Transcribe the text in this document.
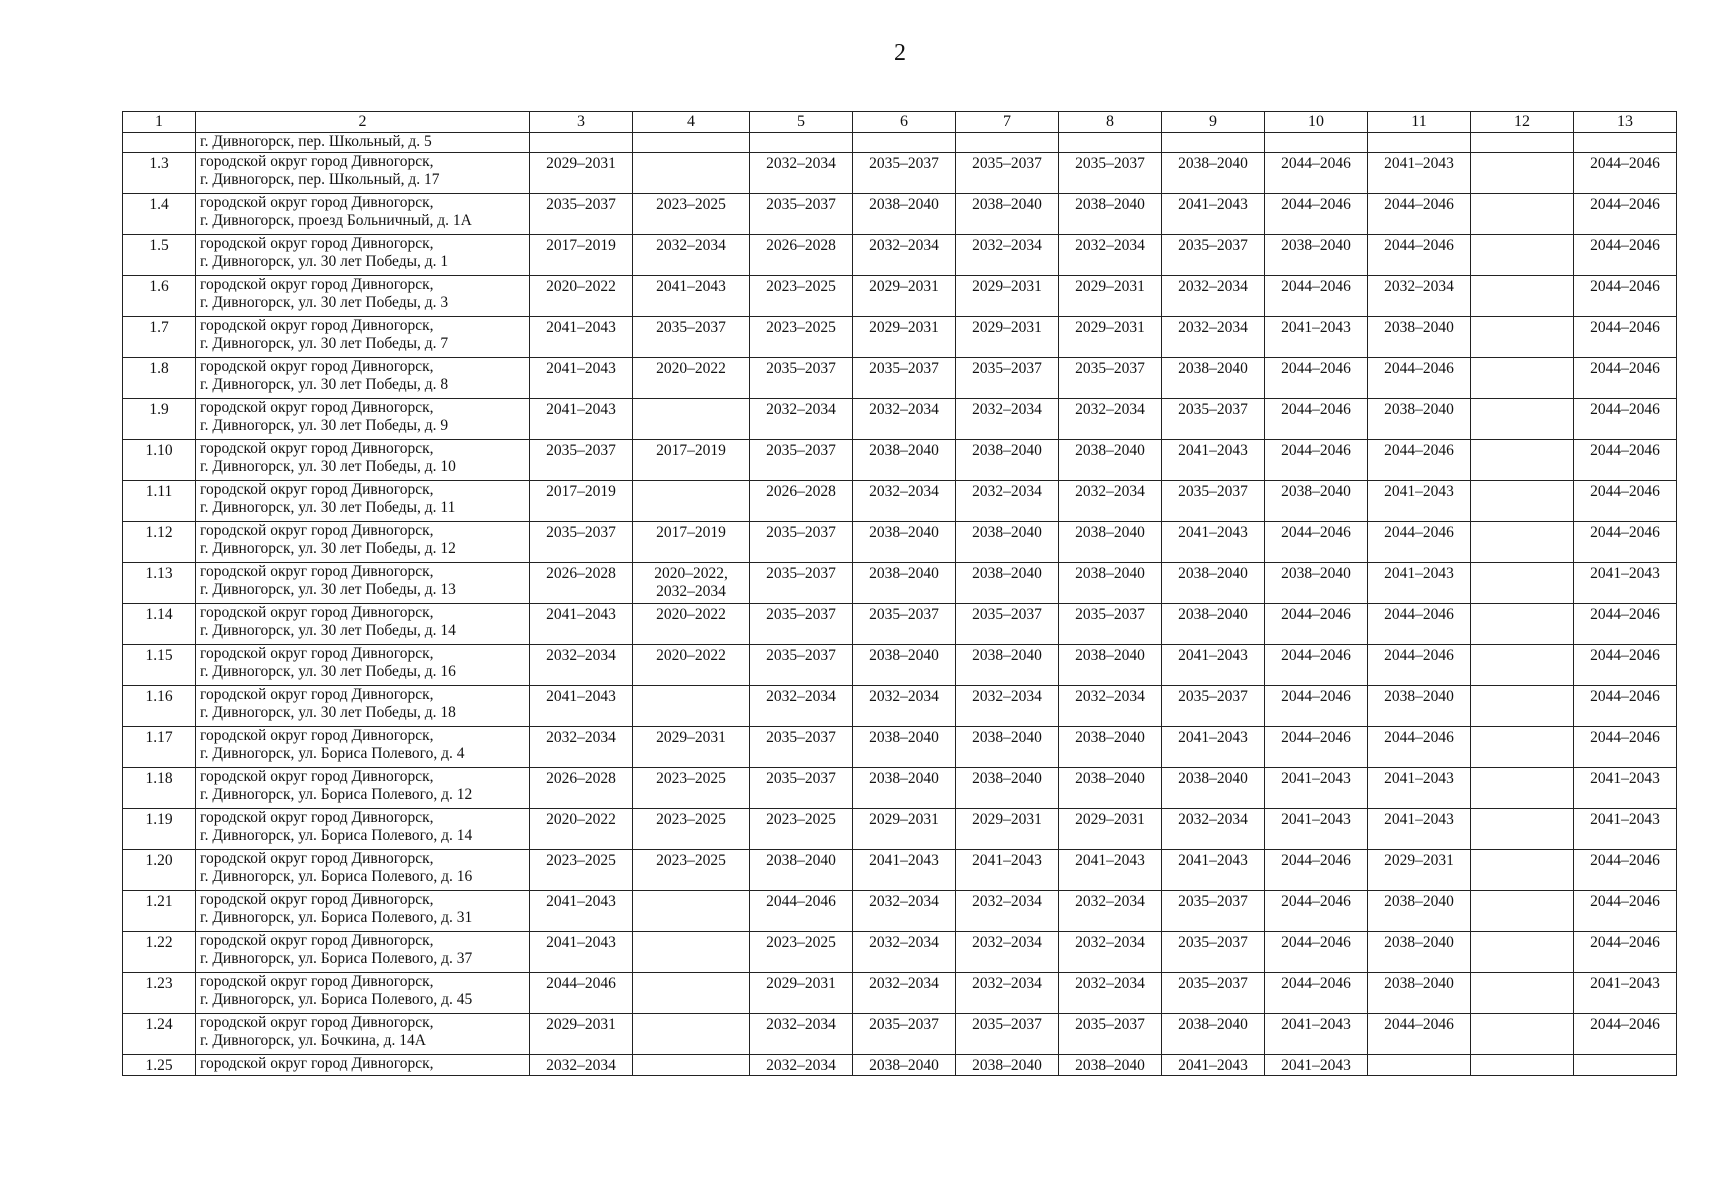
2
1	2	3	4	5	6	7	8	9	10	11	12	13

	г. Дивногорск, пер. Школьный, д. 5											

1.3	городской округ город Дивногорск,
г. Дивногорск, пер. Школьный, д. 17	2029–2031		2032–2034	2035–2037	2035–2037	2035–2037	2038–2040	2044–2046	2041–2043		2044–2046
1.4	городской округ город Дивногорск,
г. Дивногорск, проезд Больничный, д. 1А	2035–2037	2023–2025	2035–2037	2038–2040	2038–2040	2038–2040	2041–2043	2044–2046	2044–2046		2044–2046
1.5	городской округ город Дивногорск,
г. Дивногорск, ул. 30 лет Победы, д. 1	2017–2019	2032–2034	2026–2028	2032–2034	2032–2034	2032–2034	2035–2037	2038–2040	2044–2046		2044–2046
1.6	городской округ город Дивногорск,
г. Дивногорск, ул. 30 лет Победы, д. 3	2020–2022	2041–2043	2023–2025	2029–2031	2029–2031	2029–2031	2032–2034	2044–2046	2032–2034		2044–2046
1.7	городской округ город Дивногорск,
г. Дивногорск, ул. 30 лет Победы, д. 7	2041–2043	2035–2037	2023–2025	2029–2031	2029–2031	2029–2031	2032–2034	2041–2043	2038–2040		2044–2046
1.8	городской округ город Дивногорск,
г. Дивногорск, ул. 30 лет Победы, д. 8	2041–2043	2020–2022	2035–2037	2035–2037	2035–2037	2035–2037	2038–2040	2044–2046	2044–2046		2044–2046
1.9	городской округ город Дивногорск,
г. Дивногорск, ул. 30 лет Победы, д. 9	2041–2043		2032–2034	2032–2034	2032–2034	2032–2034	2035–2037	2044–2046	2038–2040		2044–2046
1.10	городской округ город Дивногорск,
г. Дивногорск, ул. 30 лет Победы, д. 10	2035–2037	2017–2019	2035–2037	2038–2040	2038–2040	2038–2040	2041–2043	2044–2046	2044–2046		2044–2046
1.11	городской округ город Дивногорск,
г. Дивногорск, ул. 30 лет Победы, д. 11	2017–2019		2026–2028	2032–2034	2032–2034	2032–2034	2035–2037	2038–2040	2041–2043		2044–2046
1.12	городской округ город Дивногорск,
г. Дивногорск, ул. 30 лет Победы, д. 12	2035–2037	2017–2019	2035–2037	2038–2040	2038–2040	2038–2040	2041–2043	2044–2046	2044–2046		2044–2046
1.13	городской округ город Дивногорск,
г. Дивногорск, ул. 30 лет Победы, д. 13	2026–2028	2020–2022,
2032–2034	2035–2037	2038–2040	2038–2040	2038–2040	2038–2040	2038–2040	2041–2043		2041–2043
1.14	городской округ город Дивногорск,
г. Дивногорск, ул. 30 лет Победы, д. 14	2041–2043	2020–2022	2035–2037	2035–2037	2035–2037	2035–2037	2038–2040	2044–2046	2044–2046		2044–2046
1.15	городской округ город Дивногорск,
г. Дивногорск, ул. 30 лет Победы, д. 16	2032–2034	2020–2022	2035–2037	2038–2040	2038–2040	2038–2040	2041–2043	2044–2046	2044–2046		2044–2046
1.16	городской округ город Дивногорск,
г. Дивногорск, ул. 30 лет Победы, д. 18	2041–2043		2032–2034	2032–2034	2032–2034	2032–2034	2035–2037	2044–2046	2038–2040		2044–2046
1.17	городской округ город Дивногорск,
г. Дивногорск, ул. Бориса Полевого, д. 4	2032–2034	2029–2031	2035–2037	2038–2040	2038–2040	2038–2040	2041–2043	2044–2046	2044–2046		2044–2046
1.18	городской округ город Дивногорск,
г. Дивногорск, ул. Бориса Полевого, д. 12	2026–2028	2023–2025	2035–2037	2038–2040	2038–2040	2038–2040	2038–2040	2041–2043	2041–2043		2041–2043
1.19	городской округ город Дивногорск,
г. Дивногорск, ул. Бориса Полевого, д. 14	2020–2022	2023–2025	2023–2025	2029–2031	2029–2031	2029–2031	2032–2034	2041–2043	2041–2043		2041–2043
1.20	городской округ город Дивногорск,
г. Дивногорск, ул. Бориса Полевого, д. 16	2023–2025	2023–2025	2038–2040	2041–2043	2041–2043	2041–2043	2041–2043	2044–2046	2029–2031		2044–2046
1.21	городской округ город Дивногорск,
г. Дивногорск, ул. Бориса Полевого, д. 31	2041–2043		2044–2046	2032–2034	2032–2034	2032–2034	2035–2037	2044–2046	2038–2040		2044–2046
1.22	городской округ город Дивногорск,
г. Дивногорск, ул. Бориса Полевого, д. 37	2041–2043		2023–2025	2032–2034	2032–2034	2032–2034	2035–2037	2044–2046	2038–2040		2044–2046
1.23	городской округ город Дивногорск,
г. Дивногорск, ул. Бориса Полевого, д. 45	2044–2046		2029–2031	2032–2034	2032–2034	2032–2034	2035–2037	2044–2046	2038–2040		2041–2043
1.24	городской округ город Дивногорск,
г. Дивногорск, ул. Бочкина, д. 14А	2029–2031		2032–2034	2035–2037	2035–2037	2035–2037	2038–2040	2041–2043	2044–2046		2044–2046
1.25	городской округ город Дивногорск,	2032–2034		2032–2034	2038–2040	2038–2040	2038–2040	2041–2043	2041–2043			
